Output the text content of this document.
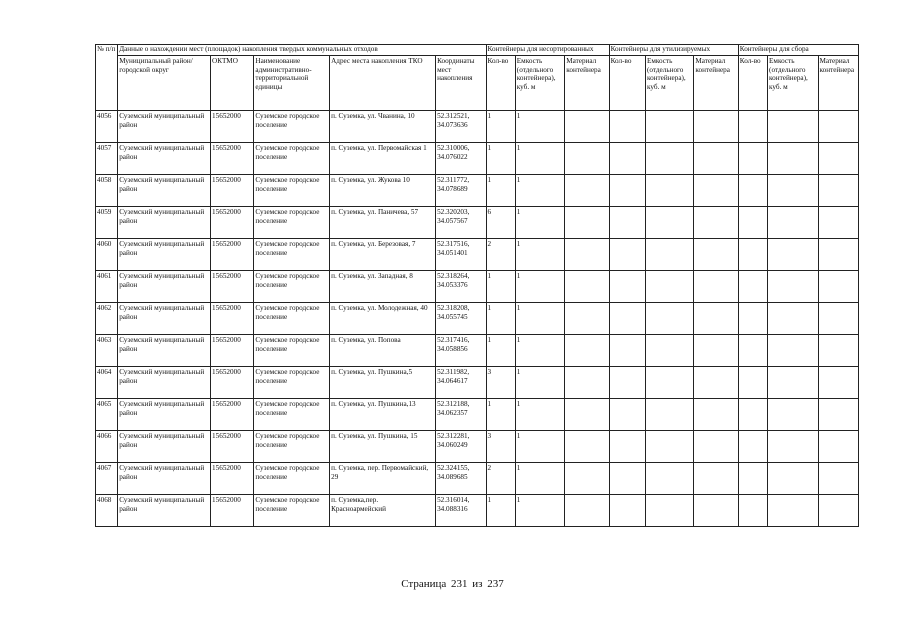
№ п/п	Данные о нахождении мест (площадок) накопления твердых коммунальных отходов					Контейнеры для несортированных			Контейнеры для утилизируемых			Контейнеры для сбора		
	Муниципальный район/городской округ	ОКТМО	Наименование административно-территориальной единицы	Адрес места накопления ТКО	Координаты мест накопления	Кол-во	Емкость (отдельного контейнера), куб. м	Материал контейнера	Кол-во	Емкость (отдельного контейнера), куб. м	Материал контейнера	Кол-во	Емкость (отдельного контейнера), куб. м	Материал контейнера
4056	Суземский муниципальный район	15652000	Суземское городское поселение	п. Суземка, ул. Чванина, 10	52.312521, 34.073636	1	1							
4057	Суземский муниципальный район	15652000	Суземское городское поселение	п. Суземка, ул. Первомайская 1	52.310006, 34.076022	1	1							
4058	Суземский муниципальный район	15652000	Суземское городское поселение	п. Суземка, ул. Жукова 10	52.311772, 34.078689	1	1							
4059	Суземский муниципальный район	15652000	Суземское городское поселение	п. Суземка, ул. Паничева, 57	52.320203, 34.057567	6	1							
4060	Суземский муниципальный район	15652000	Суземское городское поселение	п. Суземка, ул. Березовая, 7	52.317516, 34.051401	2	1							
4061	Суземский муниципальный район	15652000	Суземское городское поселение	п. Суземка, ул. Западная, 8	52.318264, 34.053376	1	1							
4062	Суземский муниципальный район	15652000	Суземское городское поселение	п. Суземка, ул. Молодежная, 40	52.318208, 34.055745	1	1							
4063	Суземский муниципальный район	15652000	Суземское городское поселение	п. Суземка, ул. Попова	52.317416, 34.058856	1	1							
4064	Суземский муниципальный район	15652000	Суземское городское поселение	п. Суземка, ул. Пушкина,5	52.311982, 34.064617	3	1							
4065	Суземский муниципальный район	15652000	Суземское городское поселение	п. Суземка, ул. Пушкина,13	52.312188, 34.062357	1	1							
4066	Суземский муниципальный район	15652000	Суземское городское поселение	п. Суземка, ул. Пушкина, 15	52.312281, 34.060249	3	1							
4067	Суземский муниципальный район	15652000	Суземское городское поселение	п. Суземка, пер. Первомайский, 29	52.324155, 34.089685	2	1							
4068	Суземский муниципальный район	15652000	Суземское городское поселение	п. Суземка,пер. Красноармейский	52.316014, 34.088316	1	1							
Страница 231 из 237
